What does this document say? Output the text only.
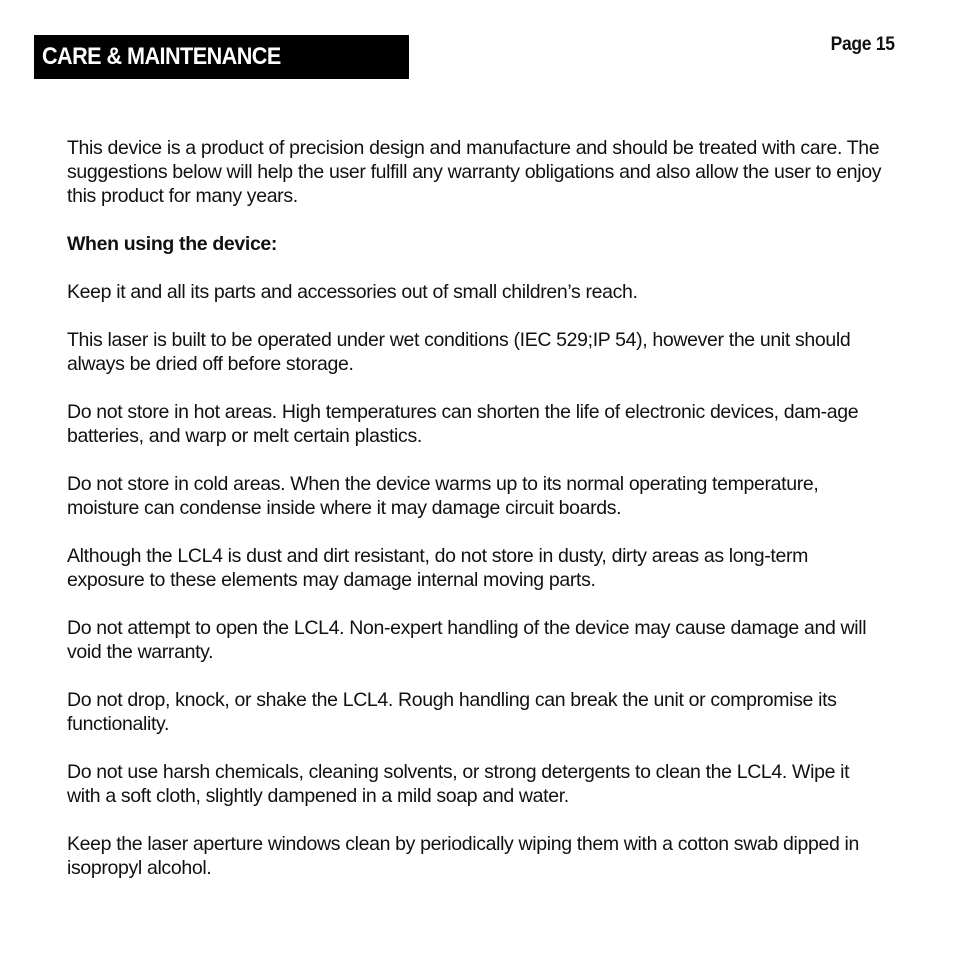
CARE & MAINTENANCE	Page 15

This device is a product of precision design and manufacture and should be treated with care. The suggestions below will help the user fulfill any warranty obligations and also allow the user to enjoy this product for many years.

When using the device:

Keep it and all its parts and accessories out of small children’s reach.

This laser is built to be operated under wet conditions (IEC 529;IP 54), however the unit should always be dried off before storage.

Do not store in hot areas. High temperatures can shorten the life of electronic devices, dam-age batteries, and warp or melt certain plastics.

Do not store in cold areas. When the device warms up to its normal operating temperature, moisture can condense inside where it may damage circuit boards.

Although the LCL4 is dust and dirt resistant, do not store in dusty, dirty areas as long-term exposure to these elements may damage internal moving parts.

Do not attempt to open the LCL4. Non-expert handling of the device may cause damage and will void the warranty.

Do not drop, knock, or shake the LCL4. Rough handling can break the unit or compromise its functionality.

Do not use harsh chemicals, cleaning solvents, or strong detergents to clean the LCL4. Wipe it with a soft cloth, slightly dampened in a mild soap and water.

Keep the laser aperture windows clean by periodically wiping them with a cotton swab dipped in isopropyl alcohol.
